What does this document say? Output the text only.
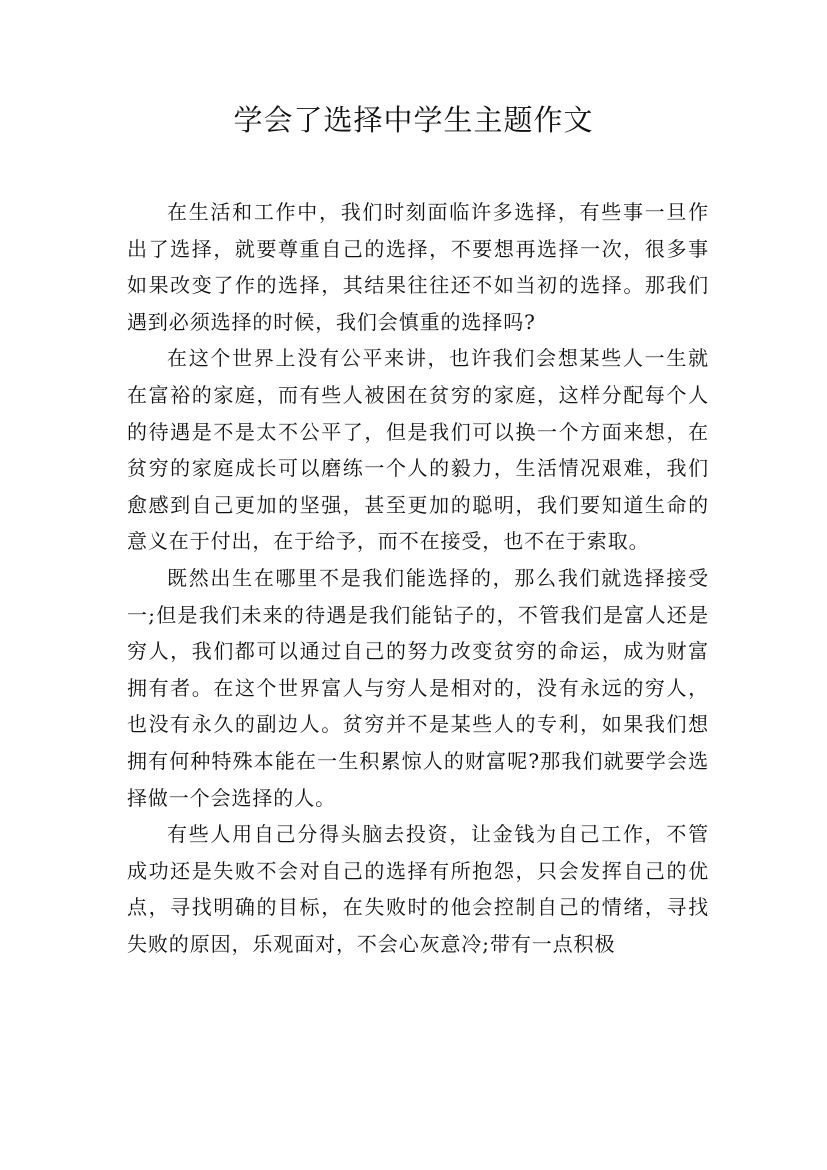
学会了选择中学生主题作文

在生活和工作中，我们时刻面临许多选择，有些事一旦作出了选择，就要尊重自己的选择，不要想再选择一次，很多事如果改变了作的选择，其结果往往还不如当初的选择。那我们遇到必须选择的时候，我们会慎重的选择吗?

在这个世界上没有公平来讲，也许我们会想某些人一生就在富裕的家庭，而有些人被困在贫穷的家庭，这样分配每个人的待遇是不是太不公平了，但是我们可以换一个方面来想，在贫穷的家庭成长可以磨练一个人的毅力，生活情况艰难，我们愈感到自己更加的坚强，甚至更加的聪明，我们要知道生命的意义在于付出，在于给予，而不在接受，也不在于索取。

既然出生在哪里不是我们能选择的，那么我们就选择接受一;但是我们未来的待遇是我们能钻子的，不管我们是富人还是穷人，我们都可以通过自己的努力改变贫穷的命运，成为财富拥有者。在这个世界富人与穷人是相对的，没有永远的穷人，也没有永久的副边人。贫穷并不是某些人的专利，如果我们想拥有何种特殊本能在一生积累惊人的财富呢?那我们就要学会选择做一个会选择的人。

有些人用自己分得头脑去投资，让金钱为自己工作，不管成功还是失败不会对自己的选择有所抱怨，只会发挥自己的优点，寻找明确的目标，在失败时的他会控制自己的情绪，寻找失败的原因，乐观面对，不会心灰意冷;带有一点积极
